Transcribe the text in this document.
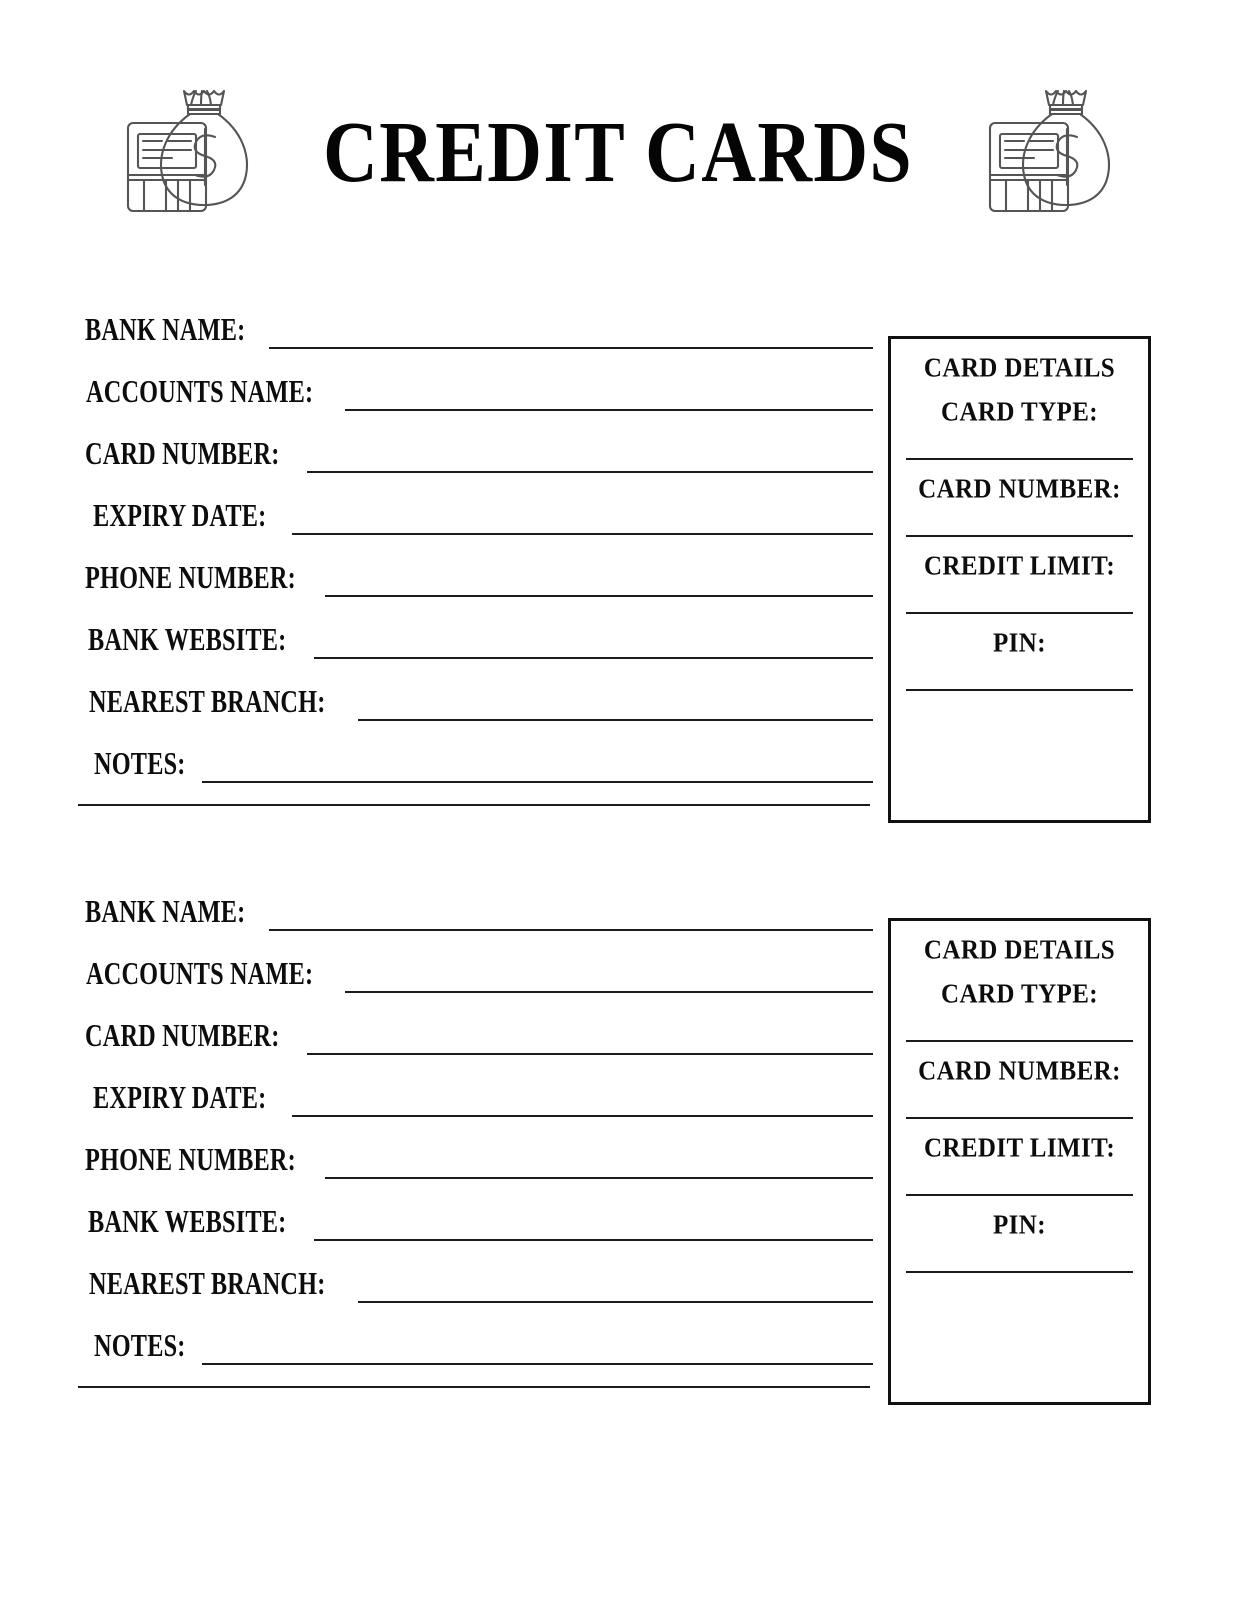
CREDIT CARDS
BANK NAME:
ACCOUNTS NAME:
CARD NUMBER:
EXPIRY DATE:
PHONE NUMBER:
BANK WEBSITE:
NEAREST BRANCH:
NOTES:
CARD DETAILS
CARD TYPE:
CARD NUMBER:
CREDIT LIMIT:
PIN:
BANK NAME:
ACCOUNTS NAME:
CARD NUMBER:
EXPIRY DATE:
PHONE NUMBER:
BANK WEBSITE:
NEAREST BRANCH:
NOTES:
CARD DETAILS
CARD TYPE:
CARD NUMBER:
CREDIT LIMIT:
PIN:
